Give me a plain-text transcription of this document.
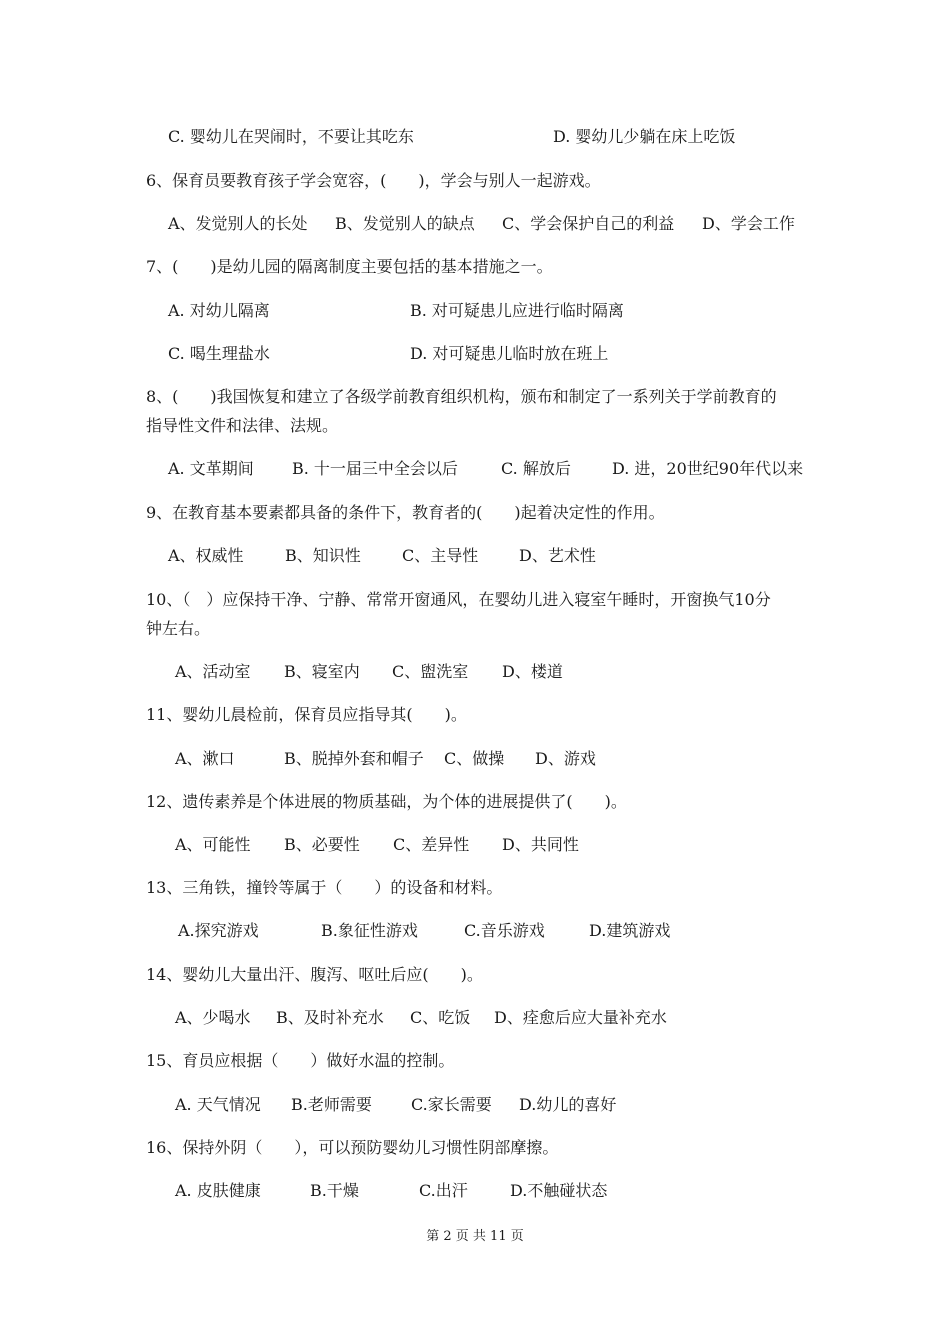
C. 婴幼儿在哭闹时，不要让其吃东	D. 婴幼儿少躺在床上吃饭
6、保育员要教育孩子学会宽容，(　　)，学会与别人一起游戏。
A、发觉别人的长处 B、发觉别人的缺点 C、学会保护自己的利益 D、学会工作
7、(　　)是幼儿园的隔离制度主要包括的基本措施之一。
A. 对幼儿隔离	B. 对可疑患儿应进行临时隔离
C. 喝生理盐水	D. 对可疑患儿临时放在班上
8、(　　)我国恢复和建立了各级学前教育组织机构，颁布和制定了一系列关于学前教育的
指导性文件和法律、法规。
A. 文革期间 B. 十一届三中全会以后	C. 解放后	D. 进，20世纪90年代以来
9、在教育基本要素都具备的条件下，教育者的(　　)起着决定性的作用。
A、权威性	B、知识性	C、主导性	D、艺术性
10、（　）应保持干净、宁静、常常开窗通风，在婴幼儿进入寝室午睡时，开窗换气10分
钟左右。
A、活动室 B、寝室内 C、盥洗室 D、楼道
11、婴幼儿晨检前，保育员应指导其(　　)。
A、漱口	B、脱掉外套和帽子 C、做操 D、游戏
12、遗传素养是个体进展的物质基础，为个体的进展提供了(　　)。
A、可能性 B、必要性 C、差异性 D、共同性
13、三角铁，撞铃等属于（　　）的设备和材料。
A.探究游戏	B.象征性游戏	C.音乐游戏	D.建筑游戏
14、婴幼儿大量出汗、腹泻、呕吐后应(　　)。
A、少喝水 B、及时补充水 C、吃饭 D、痊愈后应大量补充水
15、育员应根据（　　）做好水温的控制。
A. 天气情况 B.老师需要 C.家长需要 D.幼儿的喜好
16、保持外阴（　　），可以预防婴幼儿习惯性阴部摩擦。
A. 皮肤健康	B.干燥	C.出汗	D.不触碰状态
第 2 页 共 11 页
